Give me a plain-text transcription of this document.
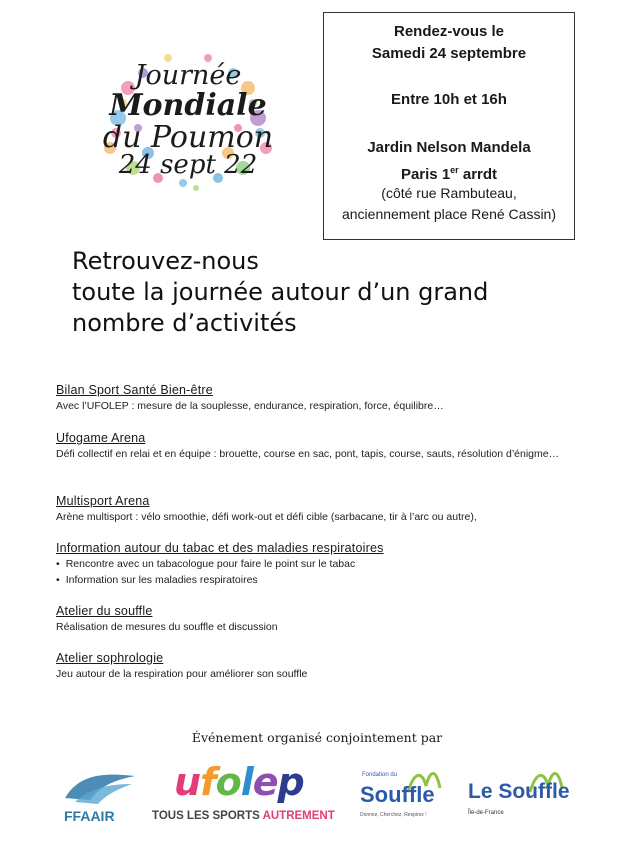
Journée
Mondiale
du Poumon
24 sept 22
Rendez-vous le
Samedi 24 septembre
Entre 10h et 16h
Jardin Nelson Mandela
Paris 1er arrdt
(côté rue Rambuteau,
anciennement place René Cassin)
Retrouvez-nous
toute la journée autour d’un grand
nombre d’activités
Bilan Sport Santé Bien-être
Avec l’UFOLEP : mesure de la souplesse, endurance, respiration, force, équilibre…
Ufogame Arena
Défi collectif en relai et en équipe : brouette, course en sac, pont, tapis, course, sauts, résolution d’énigme…
Multisport Arena
Arène multisport : vélo smoothie, défi work-out et défi cible (sarbacane, tir à l’arc ou autre),
Information autour du tabac et des maladies respiratoires
• Rencontre avec un tabacologue pour faire le point sur le tabac
• Information sur les maladies respiratoires
Atelier du souffle
Réalisation de mesures du souffle et discussion
Atelier sophrologie
Jeu autour de la respiration pour améliorer son souffle
Événement organisé conjointement par
FFAAIR
ufolep
TOUS LES SPORTS AUTREMENT
Fondation du
Souffle
Donnez, Cherchez, Respirez !
Le Souffle
Île-de-France
